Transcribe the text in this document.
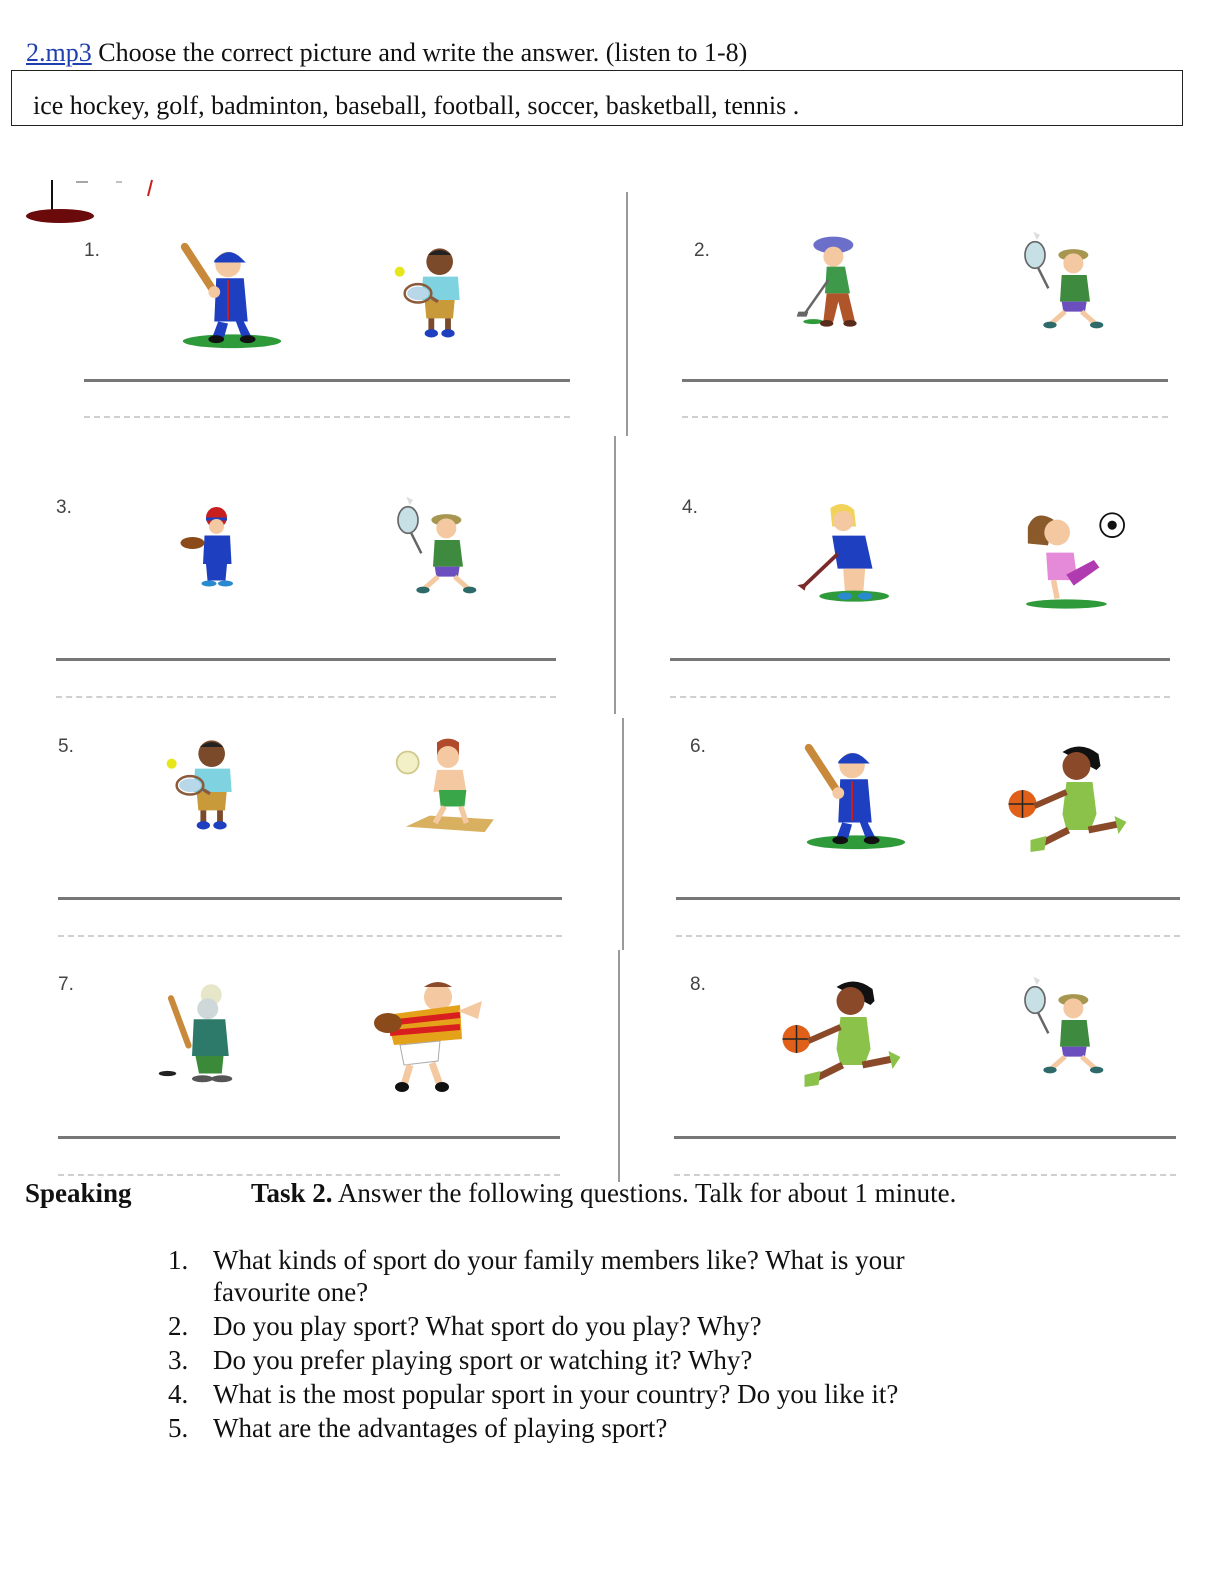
2.mp3 Choose the correct picture and write the answer. (listen to 1-8)
ice hockey, golf, badminton, baseball, football, soccer, basketball, tennis .
1.	2.
3.	4.
5.	6.
7.	8.
Speaking	Task 2. Answer the following questions. Talk for about 1 minute.
1. What kinds of sport do your family members like? What is your
favourite one?
2. Do you play sport? What sport do you play? Why?
3. Do you prefer playing sport or watching it? Why?
4. What is the most popular sport in your country? Do you like it?
5. What are the advantages of playing sport?
